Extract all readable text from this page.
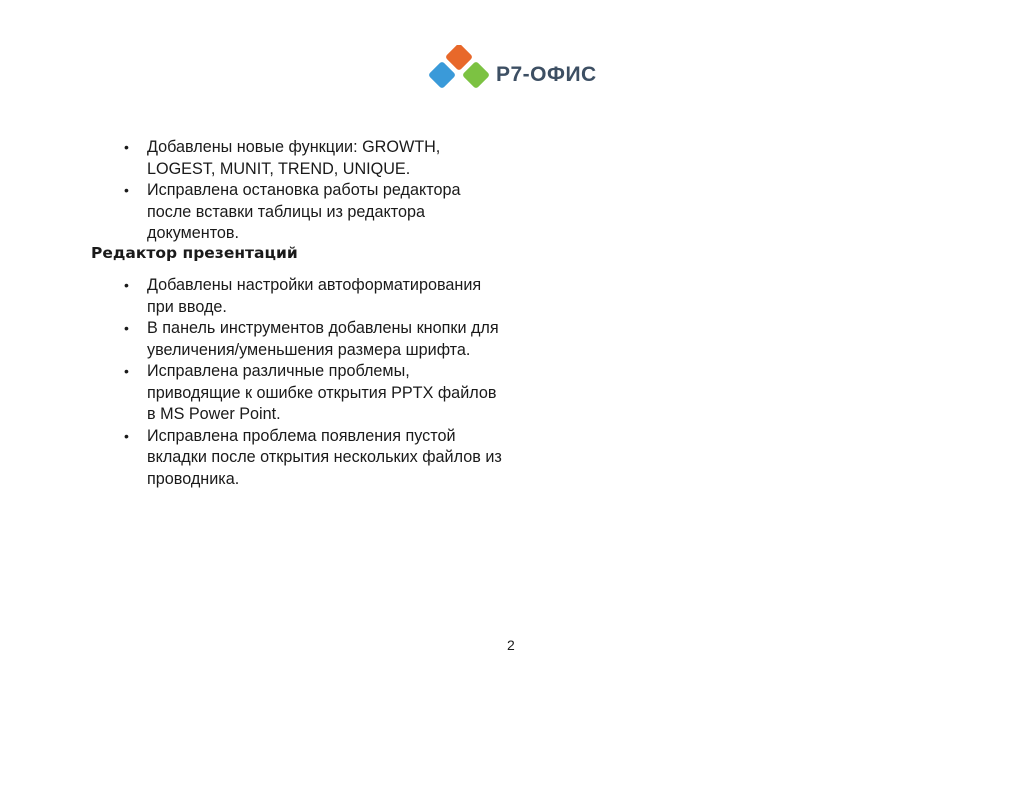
Р7-ОФИС
•	Добавлены новые функции: GROWTH, LOGEST, MUNIT, TREND, UNIQUE.
•	Исправлена остановка работы редактора после вставки таблицы из редактора документов.
Редактор презентаций
•	Добавлены настройки автоформатирования при вводе.
•	В панель инструментов добавлены кнопки для увеличения/уменьшения размера шрифта.
•	Исправлена различные проблемы, приводящие к ошибке открытия PPTX файлов в MS Power Point.
•	Исправлена проблема появления пустой вкладки после открытия нескольких файлов из проводника.
2
